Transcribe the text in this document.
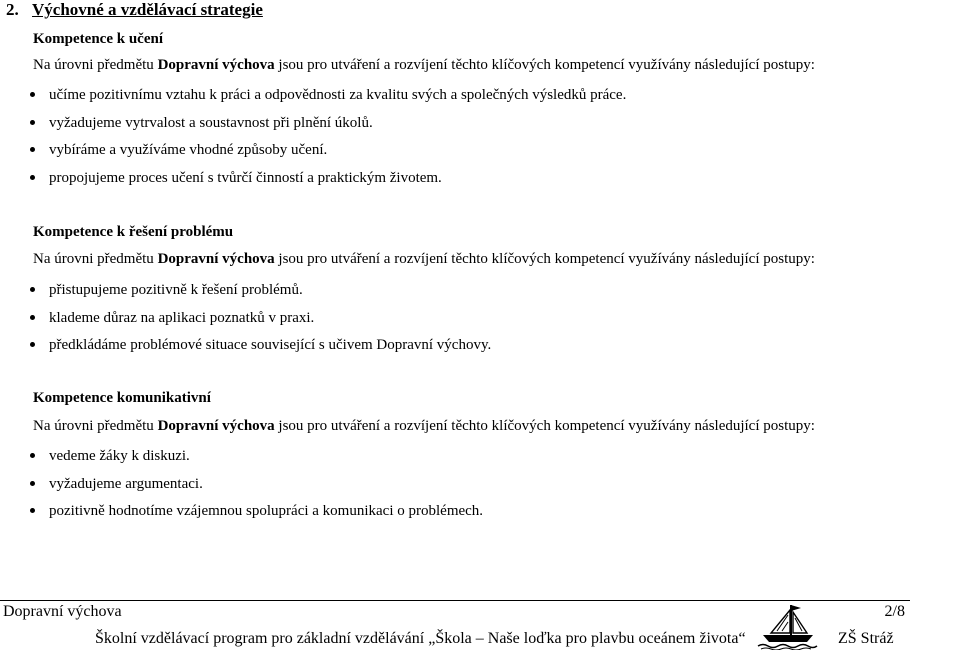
2. Výchovné a vzdělávací strategie
Kompetence k učení
Na úrovni předmětu Dopravní výchova jsou pro utváření a rozvíjení těchto klíčových kompetencí využívány následující postupy:
učíme pozitivnímu vztahu k práci a odpovědnosti za kvalitu svých a společných výsledků práce.
vyžadujeme vytrvalost a soustavnost při plnění úkolů.
vybíráme a využíváme vhodné způsoby učení.
propojujeme proces učení s tvůrčí činností a praktickým životem.
Kompetence k řešení problému
Na úrovni předmětu Dopravní výchova jsou pro utváření a rozvíjení těchto klíčových kompetencí využívány následující postupy:
přistupujeme pozitivně k řešení problémů.
klademe důraz na aplikaci poznatků v praxi.
předkládáme problémové situace související s učivem Dopravní výchovy.
Kompetence komunikativní
Na úrovni předmětu Dopravní výchova jsou pro utváření a rozvíjení těchto klíčových kompetencí využívány následující postupy:
vedeme žáky k diskuzi.
vyžadujeme argumentaci.
pozitivně hodnotíme vzájemnou spolupráci a komunikaci o problémech.
Dopravní výchova	2/8
Školní vzdělávací program pro základní vzdělávání „Škola – Naše loďka pro plavbu oceánem života“	ZŠ Stráž
